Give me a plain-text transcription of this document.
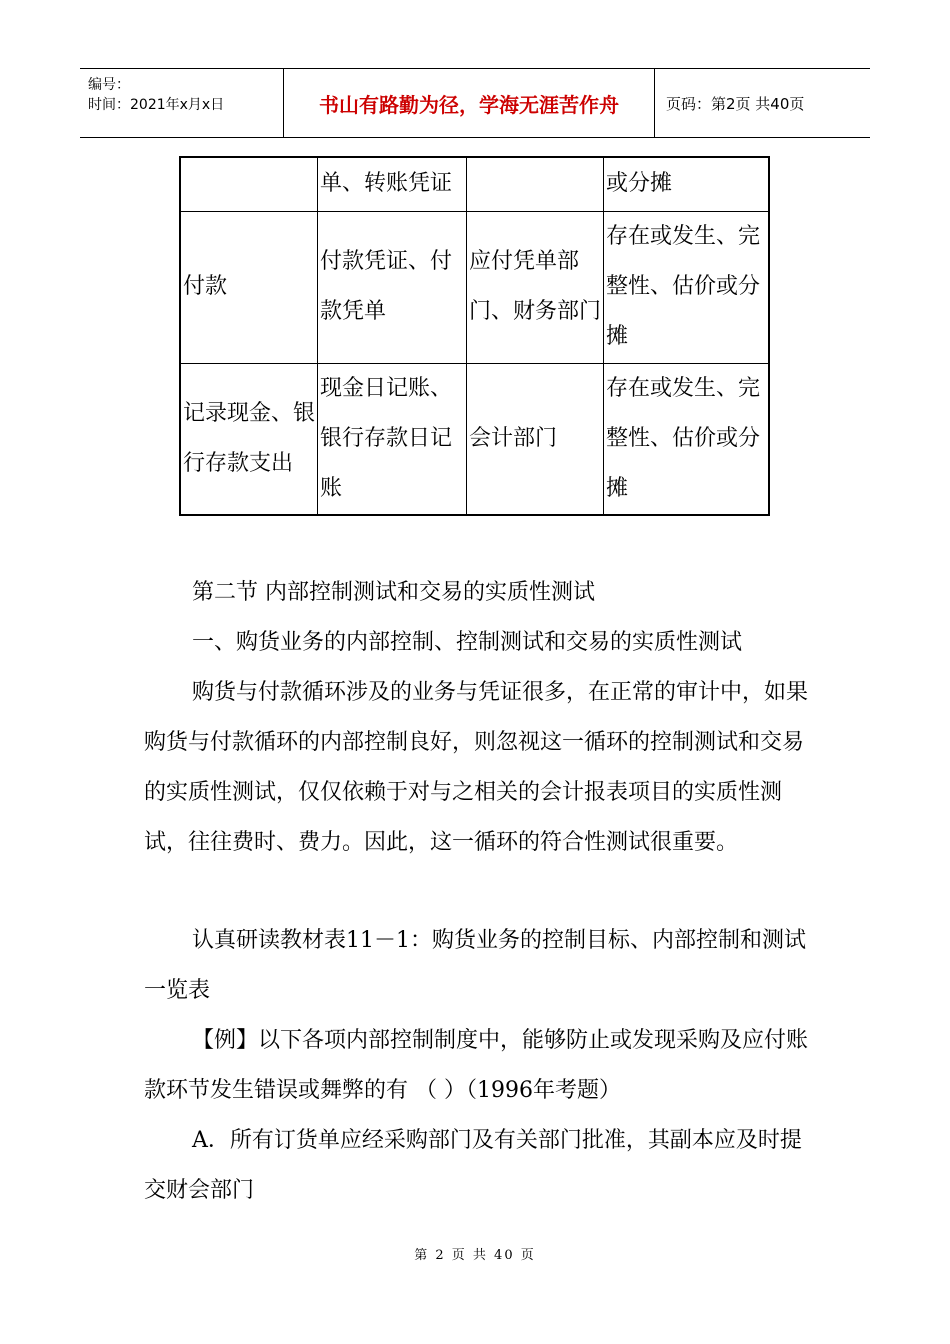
编号：
时间：2021年x月x日	书山有路勤为径，学海无涯苦作舟	页码：第2页 共40页
	单、转账凭证		或分摊
付款	付款凭证、付款凭单	应付凭单部门、财务部门	存在或发生、完整性、估价或分摊
记录现金、银行存款支出	现金日记账、银行存款日记账	会计部门	存在或发生、完整性、估价或分摊

第二节 内部控制测试和交易的实质性测试

一、购货业务的内部控制、控制测试和交易的实质性测试

购货与付款循环涉及的业务与凭证很多，在正常的审计中，如果购货与付款循环的内部控制良好，则忽视这一循环的控制测试和交易的实质性测试，仅仅依赖于对与之相关的会计报表项目的实质性测试，往往费时、费力。因此，这一循环的符合性测试很重要。

认真研读教材表11－1：购货业务的控制目标、内部控制和测试一览表

【例】以下各项内部控制制度中，能够防止或发现采购及应付账款环节发生错误或舞弊的有 （ ）（1996年考题）

A．所有订货单应经采购部门及有关部门批准，其副本应及时提交财会部门

第 2 页 共 40 页
